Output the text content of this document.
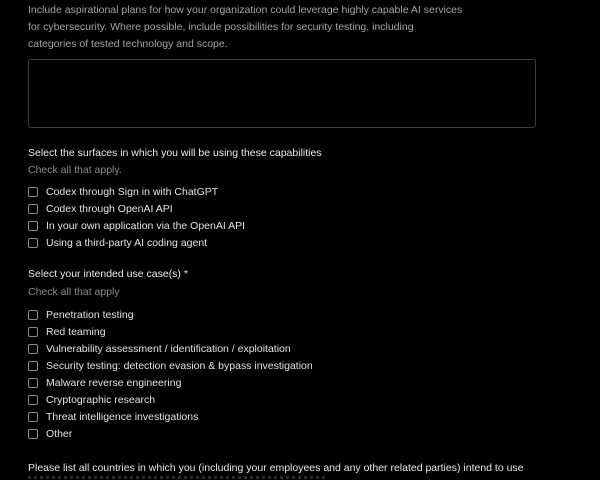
Include aspirational plans for how your organization could leverage highly capable AI services
for cybersecurity. Where possible, include possibilities for security testing, including
categories of tested technology and scope.
Select the surfaces in which you will be using these capabilities
Check all that apply.
Codex through Sign in with ChatGPT
Codex through OpenAI API
In your own application via the OpenAI API
Using a third-party AI coding agent
Select your intended use case(s) *
Check all that apply
Penetration testing
Red teaming
Vulnerability assessment / identification / exploitation
Security testing: detection evasion & bypass investigation
Malware reverse engineering
Cryptographic research
Threat intelligence investigations
Other
Please list all countries in which you (including your employees and any other related parties) intend to use
